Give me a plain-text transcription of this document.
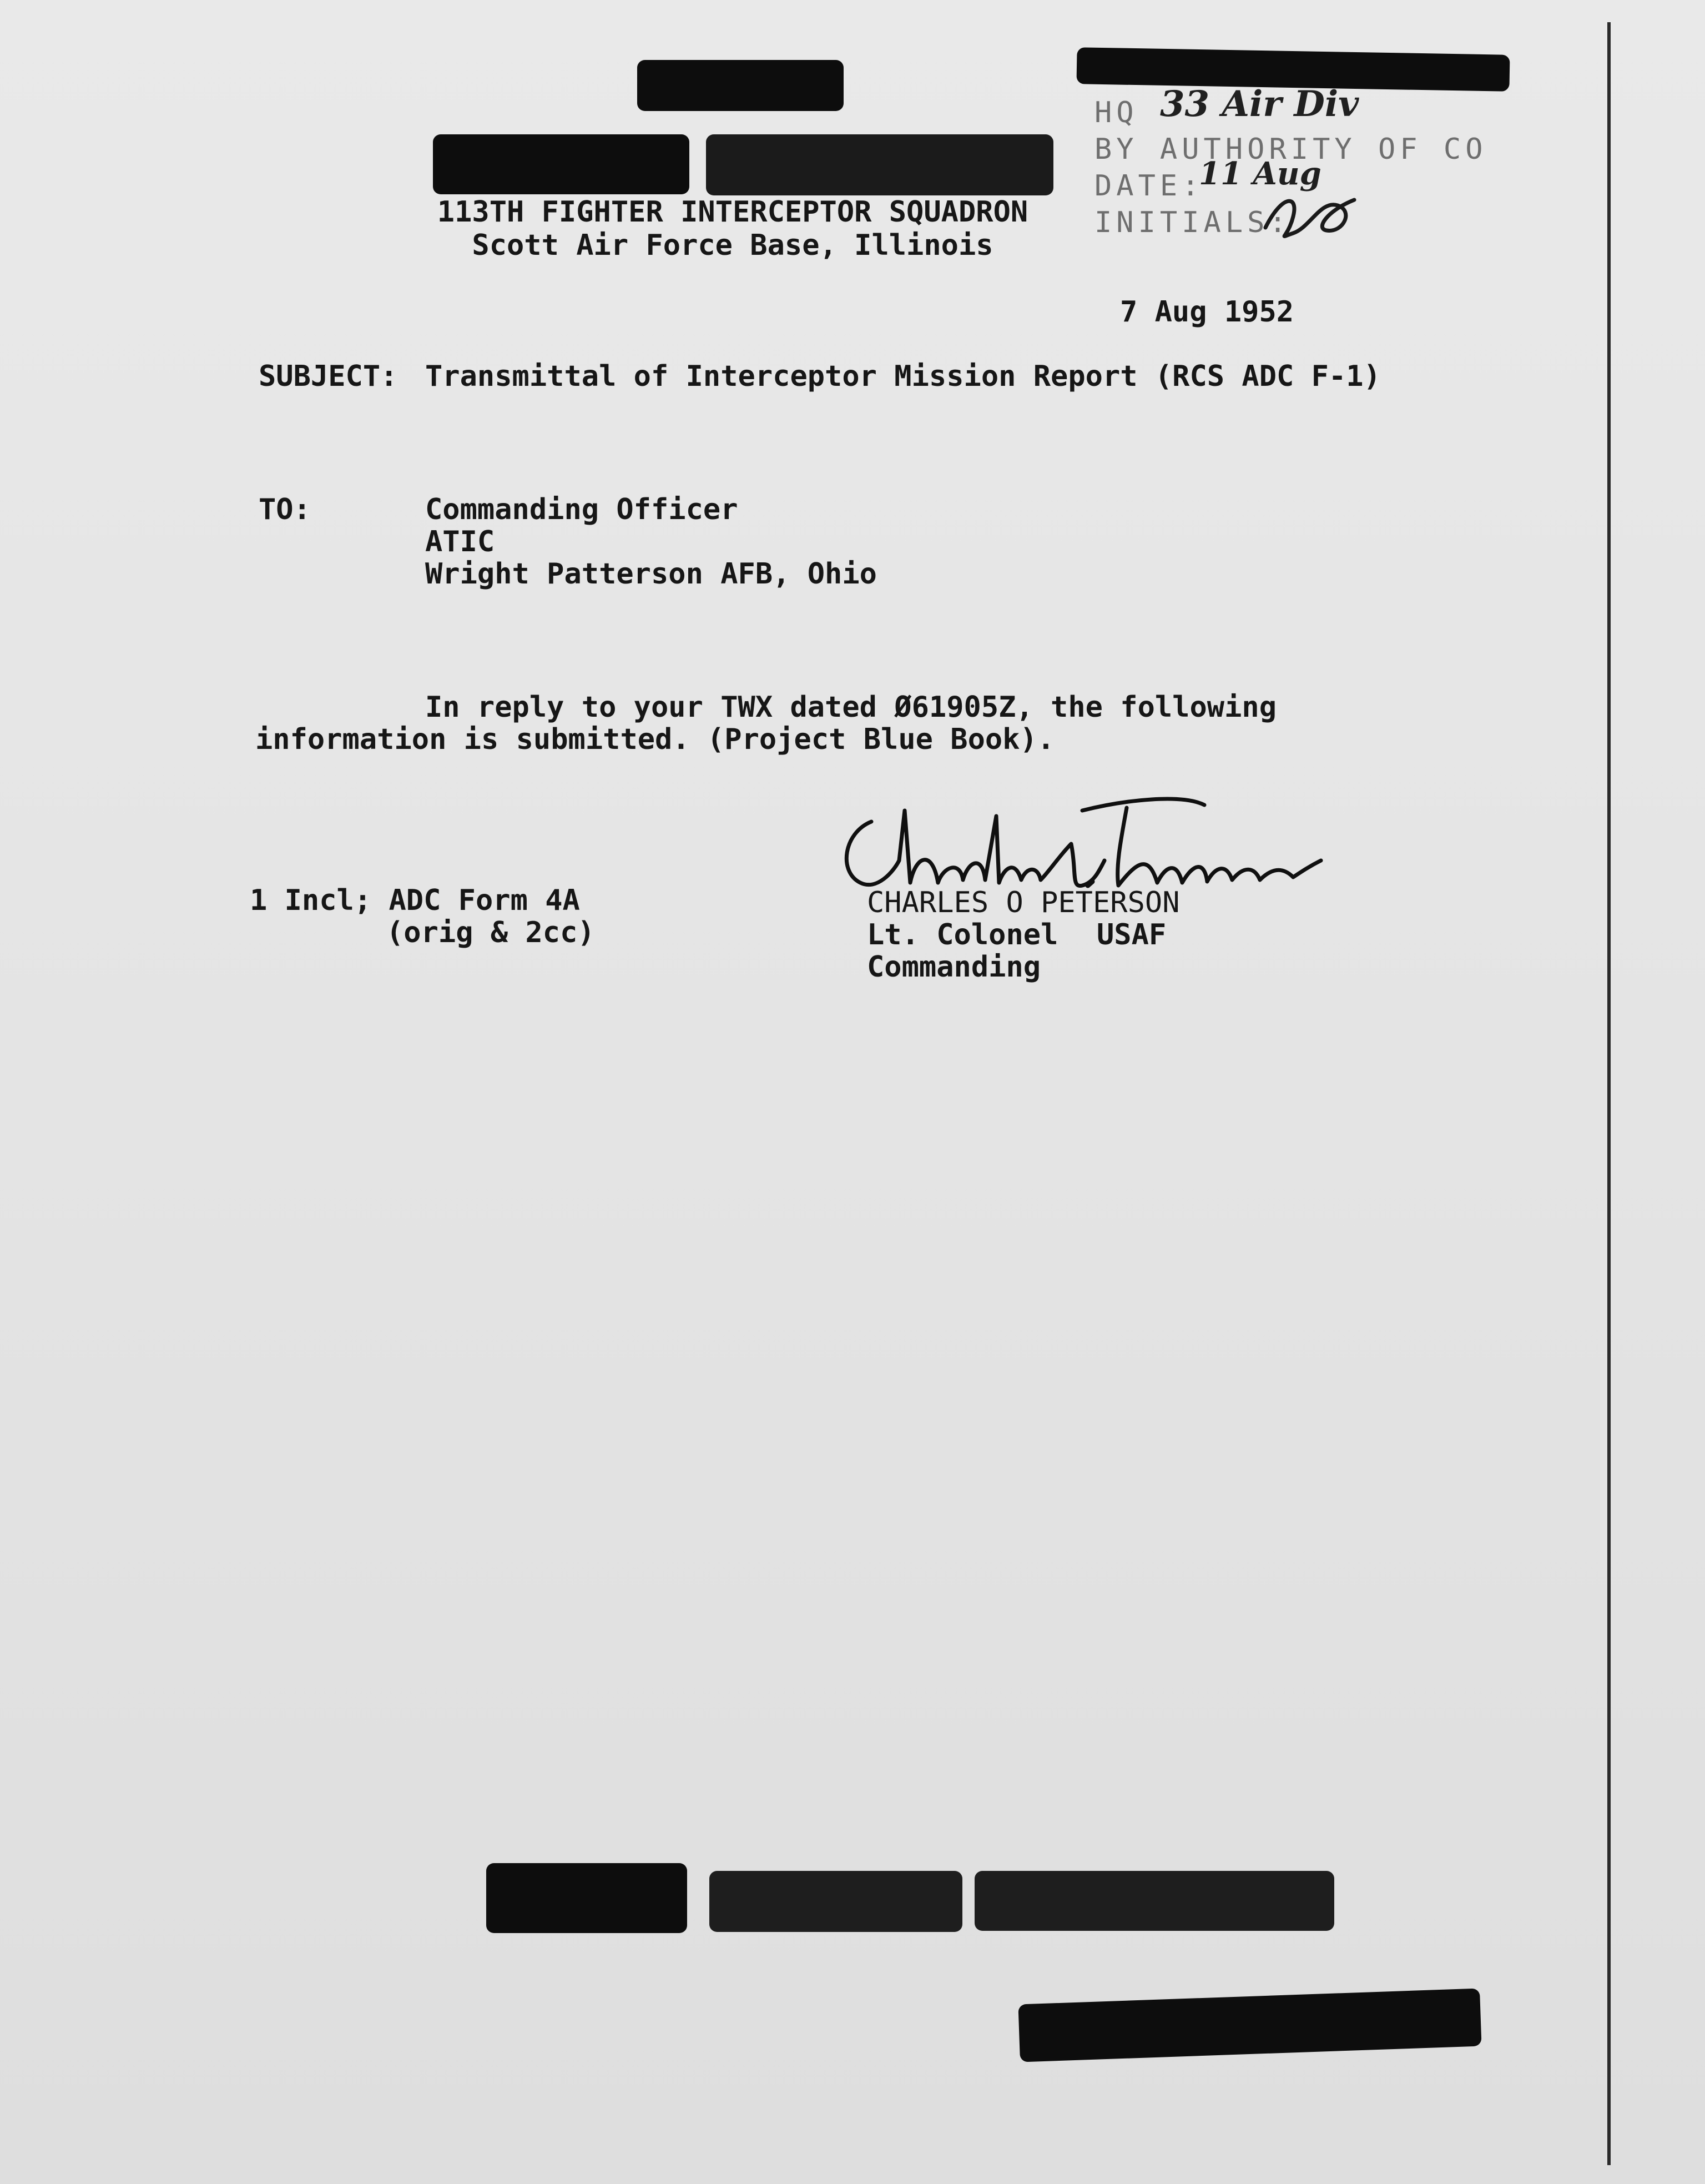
HQ
BY AUTHORITY OF CO
DATE:
INITIALS:
33 Air Div
11 Aug
113TH FIGHTER INTERCEPTOR SQUADRON
Scott Air Force Base, Illinois
7 Aug 1952
SUBJECT: Transmittal of Interceptor Mission Report (RCS ADC F-1)
TO:	Commanding Officer
ATIC
Wright Patterson AFB, Ohio
In reply to your TWX dated Ø61905Z, the following
information is submitted. (Project Blue Book).
1 Incl; ADC Form 4A
(orig & 2cc)
CHARLES O PETERSON
Lt. Colonel USAF
Commanding
